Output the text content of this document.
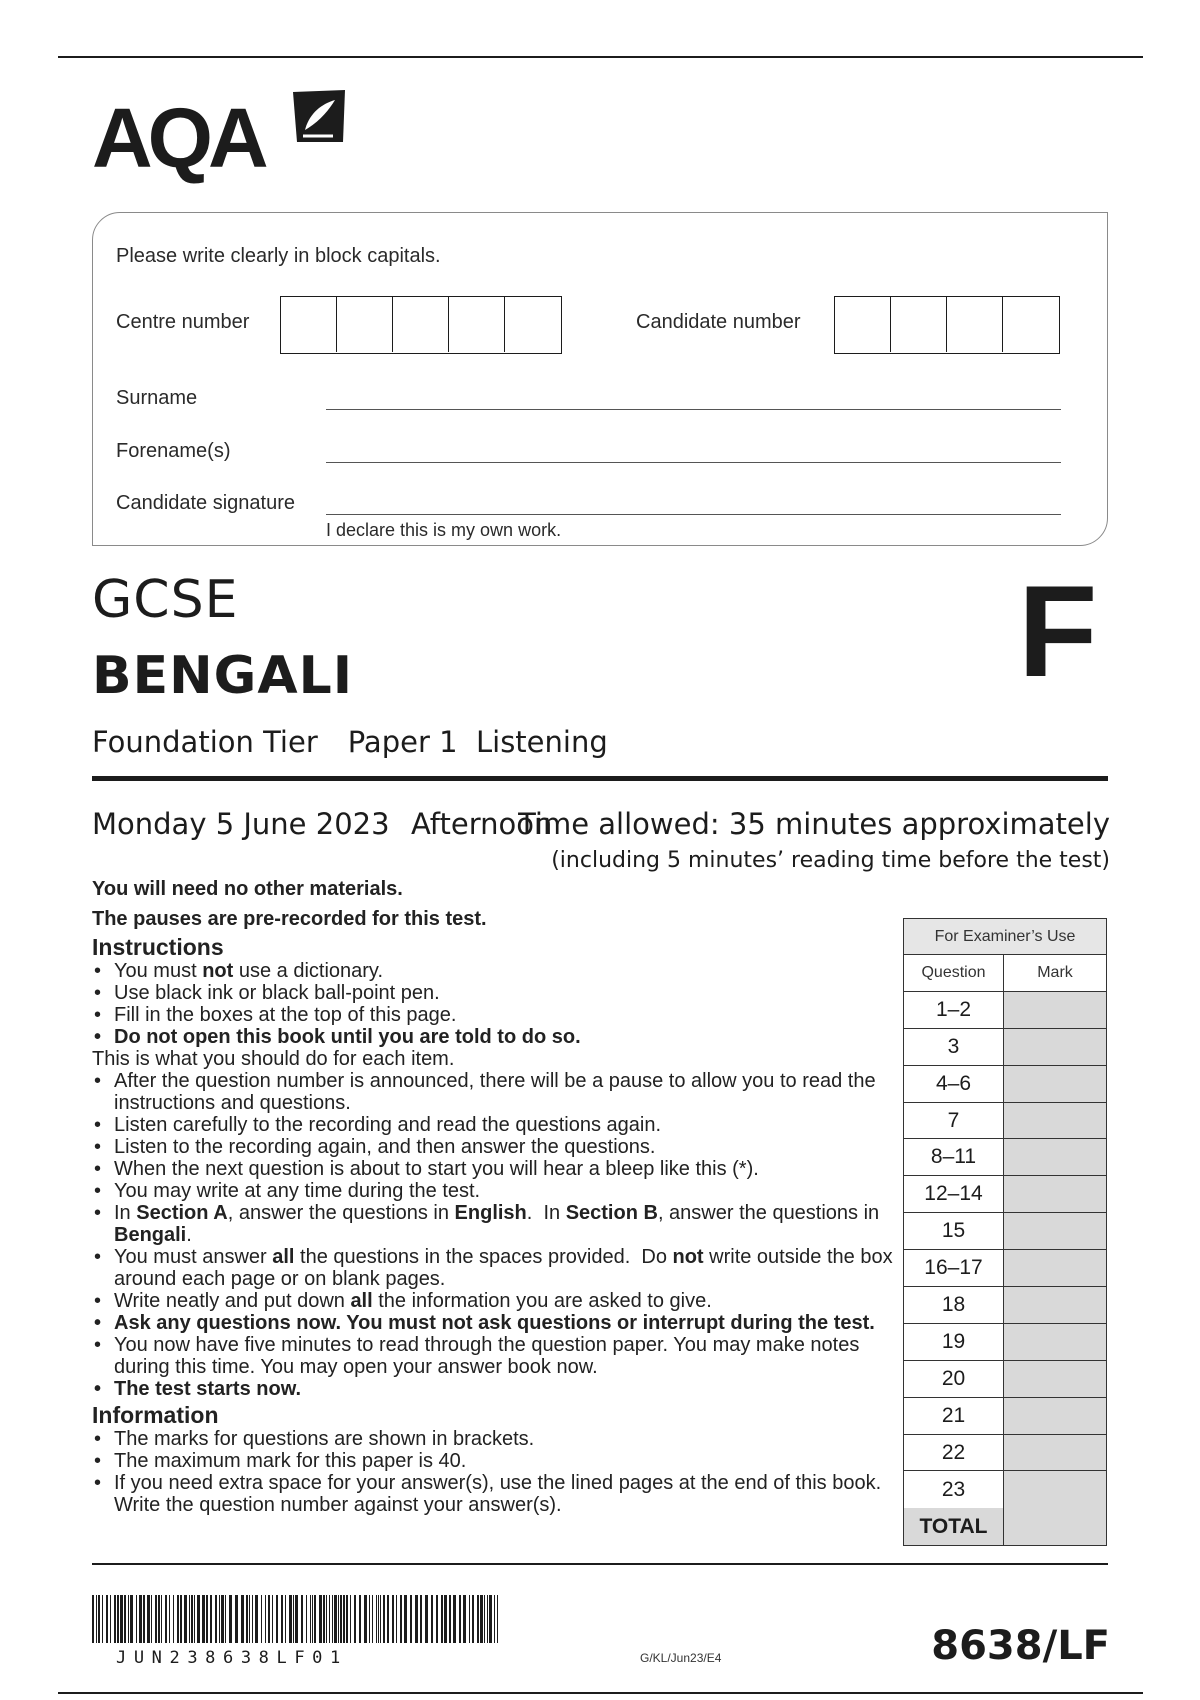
AQA
Please write clearly in block capitals.
Centre number	Candidate number
Surname
Forename(s)
Candidate signature
I declare this is my own work.
GCSE
BENGALI
Foundation Tier Paper 1  Listening
F
Monday 5 June 2023 Afternoon
Time allowed: 35 minutes approximately
(including 5 minutes’ reading time before the test)

You will need no other materials.

The pauses are pre-recorded for this test.

Instructions
• You must not use a dictionary.
• Use black ink or black ball-point pen.
• Fill in the boxes at the top of this page.
• Do not open this book until you are told to do so.

This is what you should do for each item.

• After the question number is announced, there will be a pause to allow you to read the instructions and questions.
• Listen carefully to the recording and read the questions again.
• Listen to the recording again, and then answer the questions.
• When the next question is about to start you will hear a bleep like this (*).
• You may write at any time during the test.
• In Section A, answer the questions in English.  In Section B, answer the questions in Bengali.
• You must answer all the questions in the spaces provided.  Do not write outside the box around each page or on blank pages.
• Write neatly and put down all the information you are asked to give.
• Ask any questions now. You must not ask questions or interrupt during the test.
• You now have five minutes to read through the question paper. You may make notes during this time. You may open your answer book now.
• The test starts now.
Information
• The marks for questions are shown in brackets.
• The maximum mark for this paper is 40.
• If you need extra space for your answer(s), use the lined pages at the end of this book. Write the question number against your answer(s).
For Examiner’s Use
Question	Mark
1–2
3
4–6
7
8–11
12–14
15
16–17
18
19
20
21
22
23
TOTAL
JUN238638LF01	G/KL/Jun23/E4	8638/LF
